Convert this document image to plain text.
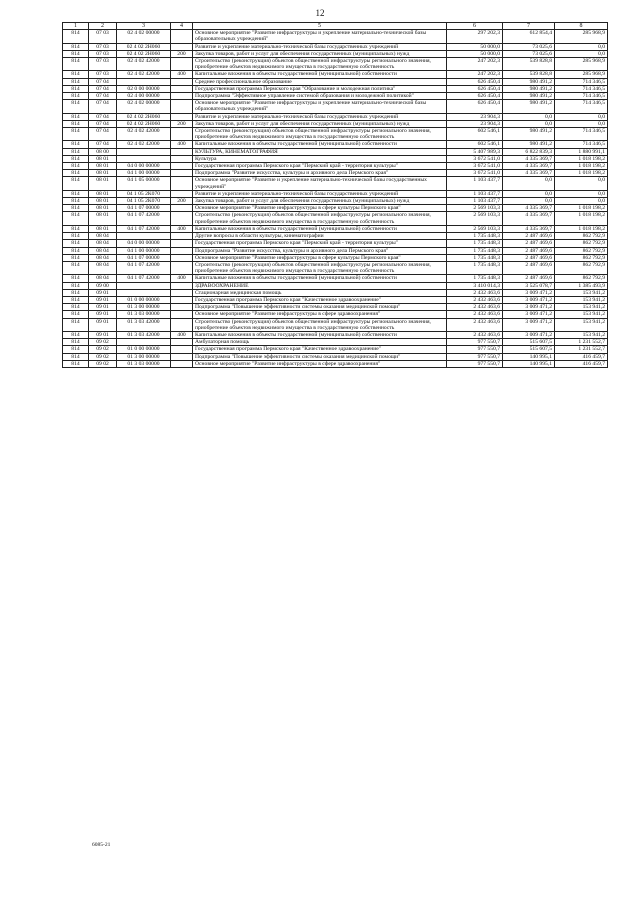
12
1	2	3	4	5	6	7	8
814	07 03	02 4 02 00000		Основное мероприятие "Развитие инфраструктуры и укрепление материально-технической базы образовательных учреждений"	297 202,3	612 854,4	285 968,9
814	07 03	02 4 02 2Н060		Развитие и укрепление материально-технической базы государственных учреждений	50 000,0	73 025,6	0,0
814	07 03	02 4 02 2Н060	200	Закупка товаров, работ и услуг для обеспечения государственных (муниципальных) нужд	50 000,0	73 025,6	0,0
814	07 03	02 4 02 42000		Строительство (реконструкция) объектов общественной инфраструктуры регионального значения, приобретение объектов недвижимого имущества в государственную собственность	247 202,3	539 828,8	285 968,9
814	07 03	02 4 02 42000	400	Капитальные вложения в объекты государственной (муниципальной) собственности	247 202,3	539 828,8	285 968,9
814	07 04			Среднее профессиональное образование	626 450,4	980 491,2	714 346,5
814	07 04	02 0 00 00000		Государственная программа Пермского края "Образование и молодежная политика"	626 450,4	980 491,2	714 346,5
814	07 04	02 4 00 00000		Подпрограмма "Эффективное управление системой образования и молодежной политикой"	626 450,4	980 491,2	714 346,5
814	07 04	02 4 02 00000		Основное мероприятие "Развитие инфраструктуры и укрепление материально-технической базы образовательных учреждений"	626 450,4	980 491,2	714 346,5
814	07 04	02 4 02 2Н060		Развитие и укрепление материально-технической базы государственных учреждений	23 904,3	0,0	0,0
814	07 04	02 4 02 2Н060	200	Закупка товаров, работ и услуг для обеспечения государственных (муниципальных) нужд	23 904,3	0,0	0,0
814	07 04	02 4 02 42000		Строительство (реконструкция) объектов общественной инфраструктуры регионального значения, приобретение объектов недвижимого имущества в государственную собственность	602 546,1	980 491,2	714 346,5
814	07 04	02 4 02 42000	400	Капитальные вложения в объекты государственной (муниципальной) собственности	602 546,1	980 491,2	714 346,5
814	08 00			КУЛЬТУРА, КИНЕМАТОГРАФИЯ	5 407 989,3	6 822 839,3	1 880 991,1
814	08 01			Культура	3 672 541,0	4 335 369,7	1 018 198,2
814	08 01	04 0 00 00000		Государственная программа Пермского края "Пермский край - территория культуры"	3 672 541,0	4 335 369,7	1 018 198,2
814	08 01	04 1 00 00000		Подпрограмма "Развитие искусства, культуры и архивного дела Пермского края"	3 672 541,0	4 335 369,7	1 018 198,2
814	08 01	04 1 05 00000		Основное мероприятие "Развитие и укрепление материально-технической базы государственных учреждений"	1 103 437,7	0,0	0,0
814	08 01	04 1 05 2К070		Развитие и укрепление материально-технической базы государственных учреждений	1 103 437,7	0,0	0,0
814	08 01	04 1 05 2К070	200	Закупка товаров, работ и услуг для обеспечения государственных (муниципальных) нужд	1 103 437,7	0,0	0,0
814	08 01	04 1 07 00000		Основное мероприятие "Развитие инфраструктуры в сфере культуры Пермского края"	2 569 103,3	4 335 369,7	1 018 198,2
814	08 01	04 1 07 42000		Строительство (реконструкция) объектов общественной инфраструктуры регионального значения, приобретение объектов недвижимого имущества в государственную собственность	2 569 103,3	4 335 369,7	1 018 198,2
814	08 01	04 1 07 42000	400	Капитальные вложения в объекты государственной (муниципальной) собственности	2 569 103,3	4 335 369,7	1 018 198,2
814	08 04			Другие вопросы в области культуры, кинематографии	1 735 448,3	2 487 469,6	862 792,9
814	08 04	04 0 00 00000		Государственная программа Пермского края "Пермский край - территория культуры"	1 735 448,3	2 487 469,6	862 792,9
814	08 04	04 1 00 00000		Подпрограмма "Развитие искусства, культуры и архивного дела Пермского края"	1 735 448,3	2 487 469,6	862 792,9
814	08 04	04 1 07 00000		Основное мероприятие "Развитие инфраструктуры в сфере культуры Пермского края"	1 735 448,3	2 487 469,6	862 792,9
814	08 04	04 1 07 42000		Строительство (реконструкция) объектов общественной инфраструктуры регионального значения, приобретение объектов недвижимого имущества в государственную собственность	1 735 448,3	2 487 469,6	862 792,9
814	08 04	04 1 07 42000	400	Капитальные вложения в объекты государственной (муниципальной) собственности	1 735 448,3	2 487 469,6	862 792,9
814	09 00			ЗДРАВООХРАНЕНИЕ	3 410 014,3	3 525 078,7	1 385 493,9
814	09 01			Стационарная медицинская помощь	2 432 463,6	3 009 471,2	153 941,2
814	09 01	01 0 00 00000		Государственная программа Пермского края "Качественное здравоохранение"	2 432 463,6	3 009 471,2	153 941,2
814	09 01	01 3 00 00000		Подпрограмма "Повышение эффективности системы оказания медицинской помощи"	2 432 463,6	3 009 471,2	153 941,2
814	09 01	01 3 03 00000		Основное мероприятие "Развитие инфраструктуры в сфере здравоохранения"	2 432 463,6	3 009 471,2	153 941,2
814	09 01	01 3 03 42000		Строительство (реконструкция) объектов общественной инфраструктуры регионального значения, приобретение объектов недвижимого имущества в государственную собственность	2 432 463,6	3 009 471,2	153 941,2
814	09 01	01 3 03 42000	400	Капитальные вложения в объекты государственной (муниципальной) собственности	2 432 463,6	3 009 471,2	153 941,2
814	09 02			Амбулаторная помощь	977 550,7	515 607,5	1 231 552,7
814	09 02	01 0 00 00000		Государственная программа Пермского края "Качественное здравоохранение"	977 550,7	515 607,5	1 231 552,7
814	09 02	01 3 00 00000		Подпрограмма "Повышение эффективности системы оказания медицинской помощи"	977 550,7	140 995,1	416 459,7
814	09 02	01 3 03 00000		Основное мероприятие "Развитие инфраструктуры в сфере здравоохранения"	977 550,7	140 995,1	416 459,7
6085-21
